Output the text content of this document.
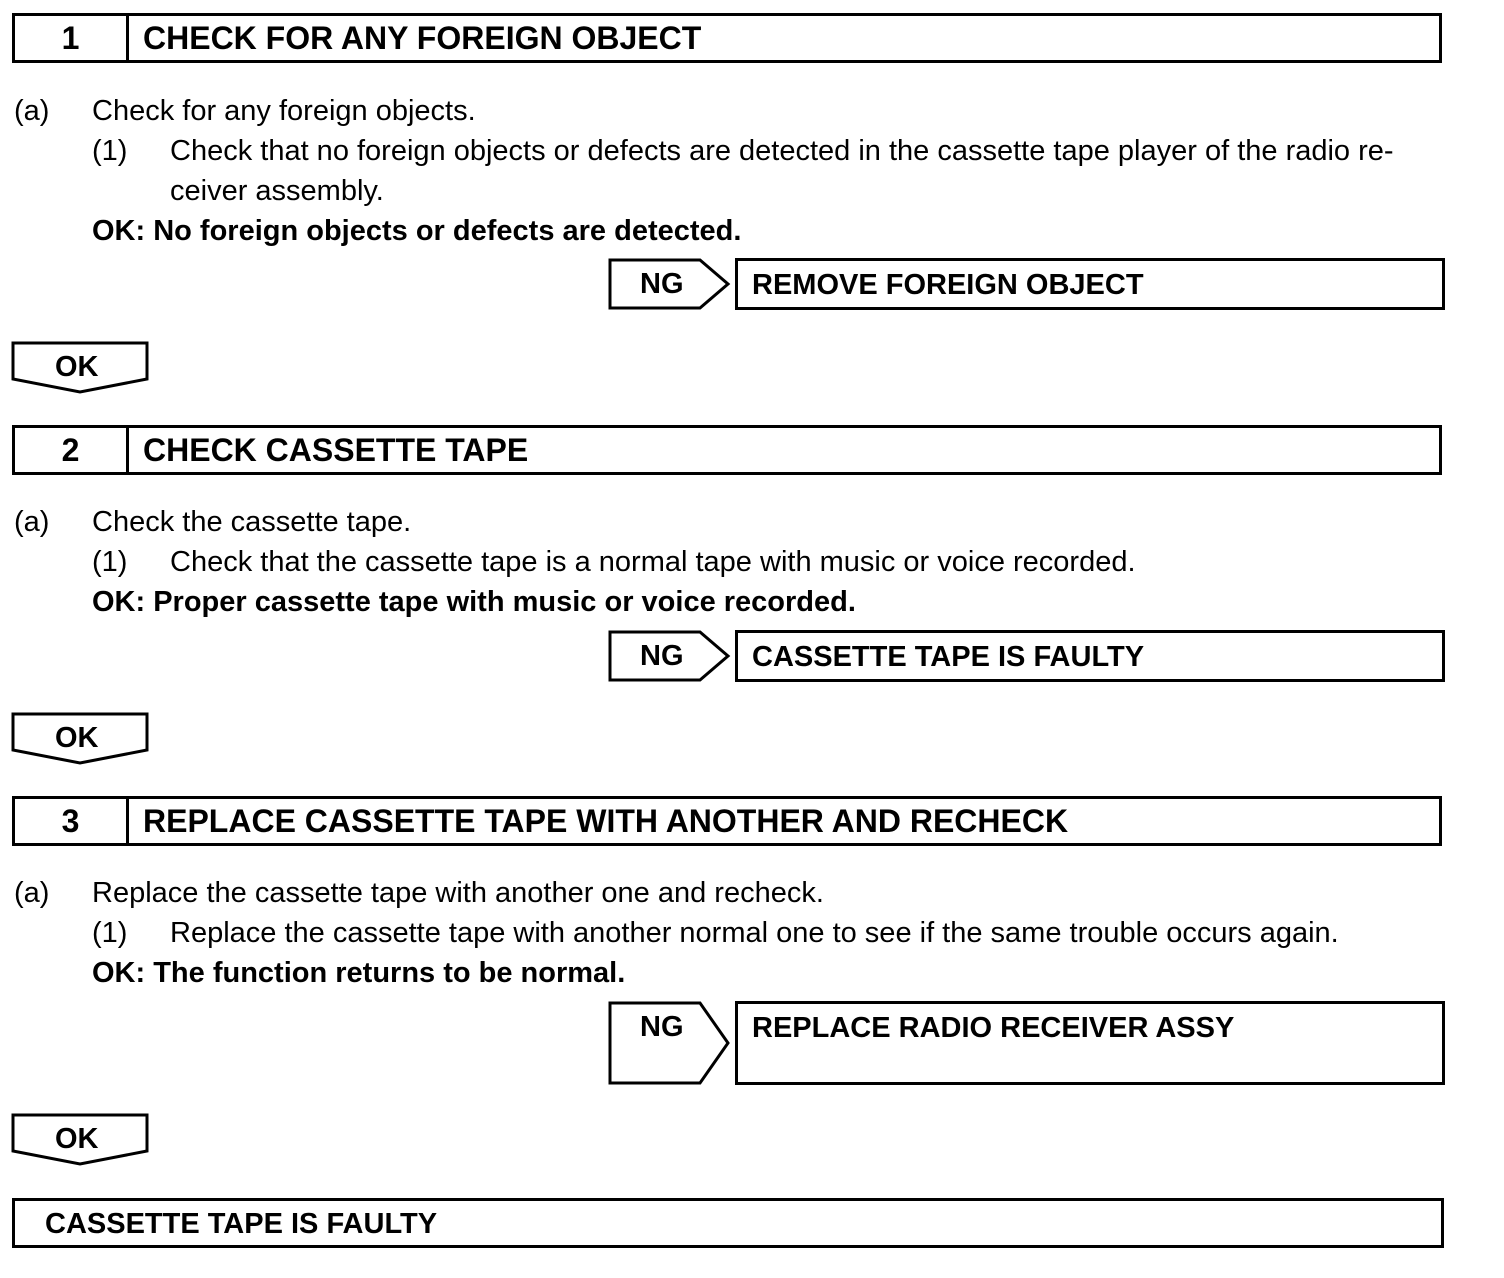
1	CHECK FOR ANY FOREIGN OBJECT
(a) Check for any foreign objects.
(1) Check that no foreign objects or defects are detected in the cassette tape player of the radio re-
ceiver assembly.
OK: No foreign objects or defects are detected.
NG REMOVE FOREIGN OBJECT
OK
2	CHECK CASSETTE TAPE
(a) Check the cassette tape.
(1) Check that the cassette tape is a normal tape with music or voice recorded.
OK: Proper cassette tape with music or voice recorded.
NG CASSETTE TAPE IS FAULTY
OK
3	REPLACE CASSETTE TAPE WITH ANOTHER AND RECHECK
(a) Replace the cassette tape with another one and recheck.
(1) Replace the cassette tape with another normal one to see if the same trouble occurs again.
OK: The function returns to be normal.
NG REPLACE RADIO RECEIVER ASSY
OK
CASSETTE TAPE IS FAULTY
